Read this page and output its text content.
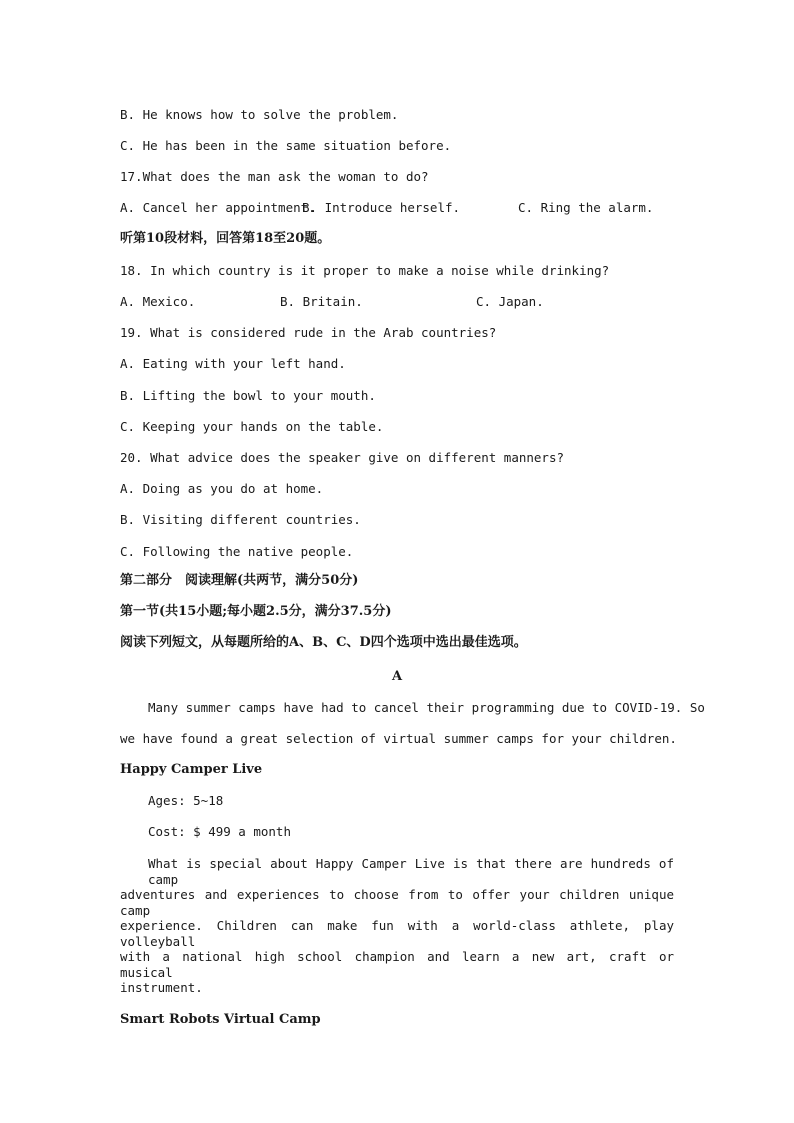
B. He knows how to solve the problem.
C. He has been in the same situation before.
17.What does the man ask the woman to do?
A. Cancel her appointment.
B. Introduce herself.	C. Ring the alarm.
听第10段材料，回答第18至20题。
18. In which country is it proper to make a noise while drinking?
A. Mexico.	B. Britain.	C. Japan.
19. What is considered rude in the Arab countries?
A. Eating with your left hand.
B. Lifting the bowl to your mouth.
C. Keeping your hands on the table.
20. What advice does the speaker give on different manners?
A. Doing as you do at home.
B. Visiting different countries.
C. Following the native people.
第二部分　阅读理解(共两节，满分50分)
第一节(共15小题;每小题2.5分，满分37.5分)
阅读下列短文，从每题所给的A、B、C、D四个选项中选出最佳选项。
A
Many summer camps have had to cancel their programming due to COVID-19. So
we have found a great selection of virtual summer camps for your children.
Happy Camper Live
Ages: 5~18
Cost: $ 499 a month
What is special about Happy Camper Live is that there are hundreds of camp
adventures and experiences to choose from to offer your children unique camp
experience. Children can make fun with a world-class athlete, play volleyball
with a national high school champion and learn a new art, craft or musical
instrument.
Smart Robots Virtual Camp
